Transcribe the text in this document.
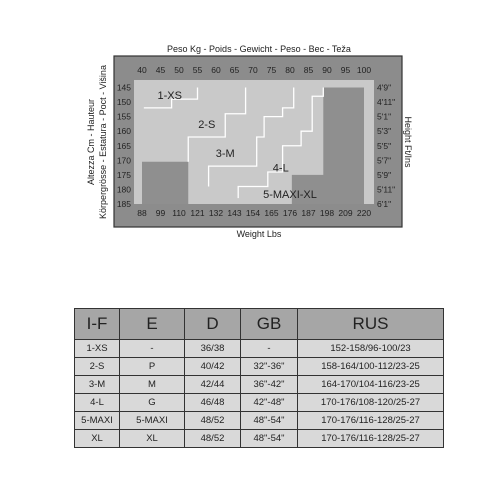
Peso Kg - Poids - Gewicht - Peso - Bec - Teža
40 45 50 55 60 65 70 75 80 85 90 95 100
88 99 110 121 132 143 154 165 176 187 198 209 220
145
150
155
160
165
170
175
180
185
4'9"
4'11"
5'1"
5'3"
5'5"
5'7"
5'9"
5'11"
6'1"
1-XS
2-S
3-M
4-L
5-MAXI-XL
Weight Lbs
Altezza Cm - Hauteur Körpergrösse - Estatura - Poct - Višina	Height Ft/Ins
I-F	E	D	GB	RUS
1-XS	-	36/38	-	152-158/96-100/23
2-S	P	40/42	32"-36"	158-164/100-112/23-25
3-M	M	42/44	36"-42"	164-170/104-116/23-25
4-L	G	46/48	42"-48"	170-176/108-120/25-27
5-MAXI	5-MAXI	48/52	48"-54"	170-176/116-128/25-27
XL	XL	48/52	48"-54"	170-176/116-128/25-27
